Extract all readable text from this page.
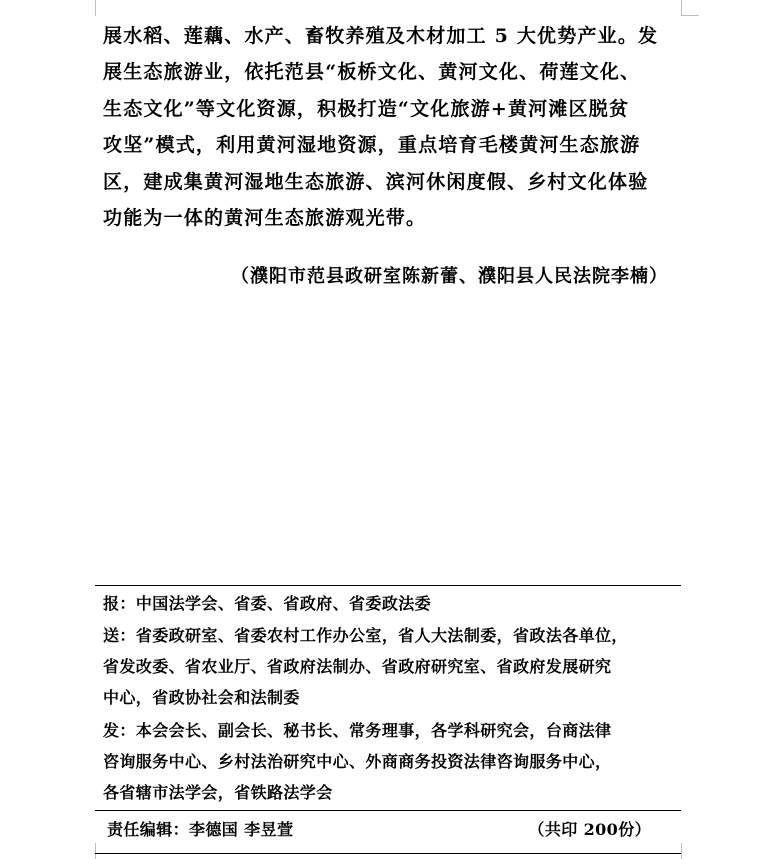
展水稻、莲藕、水产、畜牧养殖及木材加工 5 大优势产业。发
展生态旅游业，依托范县“板桥文化、黄河文化、荷莲文化、
生态文化”等文化资源，积极打造“文化旅游+黄河滩区脱贫
攻坚”模式，利用黄河湿地资源，重点培育毛楼黄河生态旅游
区，建成集黄河湿地生态旅游、滨河休闲度假、乡村文化体验
功能为一体的黄河生态旅游观光带。
（濮阳市范县政研室陈新蕾、濮阳县人民法院李楠）
报：中国法学会、省委、省政府、省委政法委
送：省委政研室、省委农村工作办公室，省人大法制委，省政法各单位，
省发改委、省农业厅、省政府法制办、省政府研究室、省政府发展研究
中心，省政协社会和法制委
发：本会会长、副会长、秘书长、常务理事，各学科研究会，台商法律
咨询服务中心、乡村法治研究中心、外商商务投资法律咨询服务中心，
各省辖市法学会，省铁路法学会
责任编辑：李德国 李昱萱	（共印 200份）
